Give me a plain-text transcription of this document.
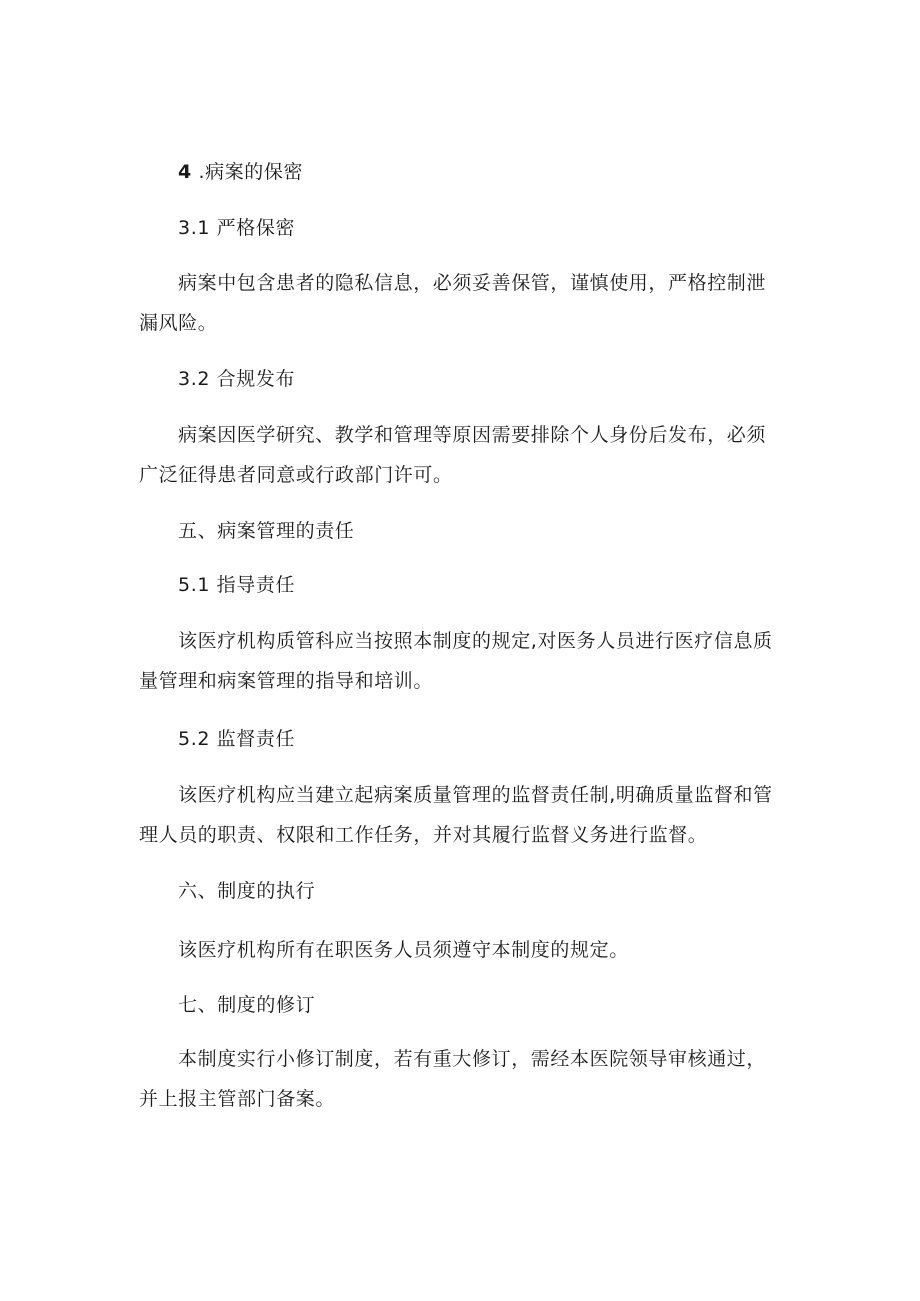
4 .病案的保密
3.1 严格保密
病案中包含患者的隐私信息，必须妥善保管，谨慎使用，严格控制泄漏风险。
3.2 合规发布
病案因医学研究、教学和管理等原因需要排除个人身份后发布，必须广泛征得患者同意或行政部门许可。
五、病案管理的责任
5.1 指导责任
该医疗机构质管科应当按照本制度的规定,对医务人员进行医疗信息质量管理和病案管理的指导和培训。
5.2 监督责任
该医疗机构应当建立起病案质量管理的监督责任制,明确质量监督和管理人员的职责、权限和工作任务，并对其履行监督义务进行监督。
六、制度的执行
该医疗机构所有在职医务人员须遵守本制度的规定。
七、制度的修订
本制度实行小修订制度，若有重大修订，需经本医院领导审核通过，并上报主管部门备案。
